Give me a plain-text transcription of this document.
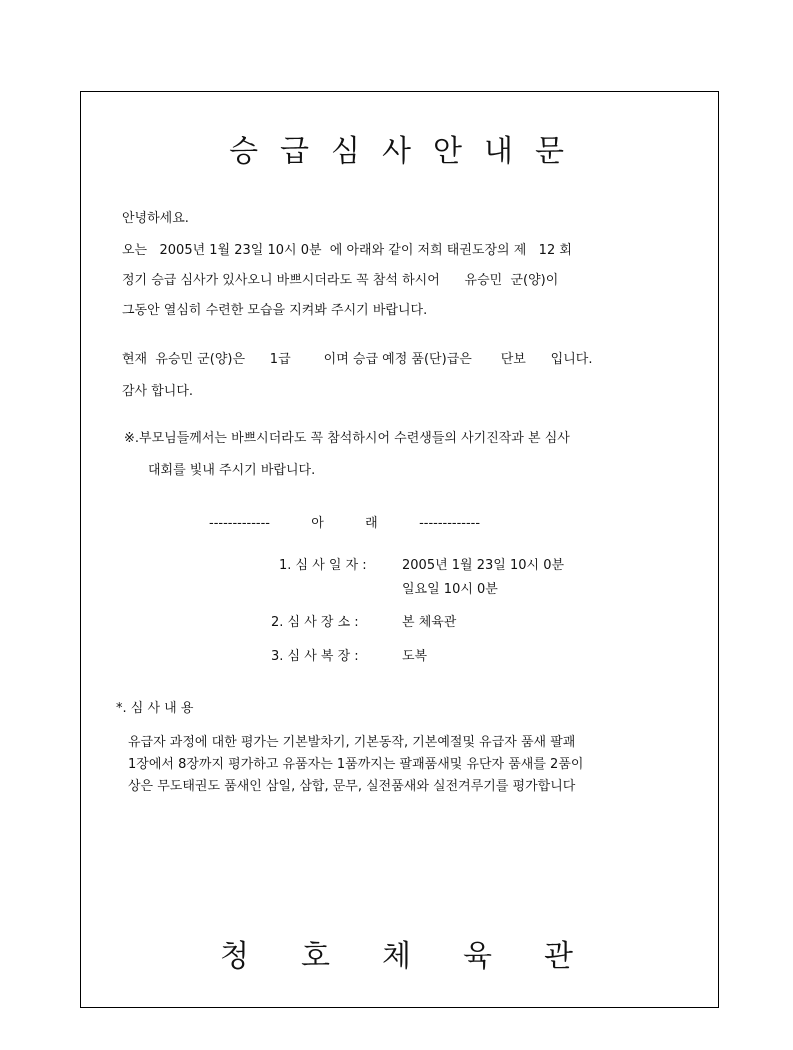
승급심사안내문
안녕하세요.
오는   2005년 1월 23일 10시 0분  에 아래와 같이 저희 태권도장의 제   12 회
정기 승급 심사가 있사오니 바쁘시더라도 꼭 참석 하시어      유승민  군(양)이
그동안 열심히 수련한 모습을 지켜봐 주시기 바랍니다.
현재  유승민 군(양)은      1급        이며 승급 예정 품(단)급은       단보      입니다.
감사 합니다.
※.부모님들께서는 바쁘시더라도 꼭 참석하시어 수련생들의 사기진작과 본 심사
대회를 빛내 주시기 바랍니다.
-------------          아          래          -------------
1. 심 사 일 자 :	2005년 1월 23일 10시 0분
일요일 10시 0분
2. 심 사 장 소 :	본 체육관
3. 심 사 복 장 :	도복
*. 심 사 내 용
유급자 과정에 대한 평가는 기본발차기, 기본동작, 기본예절및 유급자 품새 팔괘
1장에서 8장까지 평가하고 유품자는 1품까지는 팔괘품새및 유단자 품새를 2품이
상은 무도태권도 품새인 삼일, 삼합, 문무, 실전품새와 실전겨루기를 평가합니다
청호체육관
